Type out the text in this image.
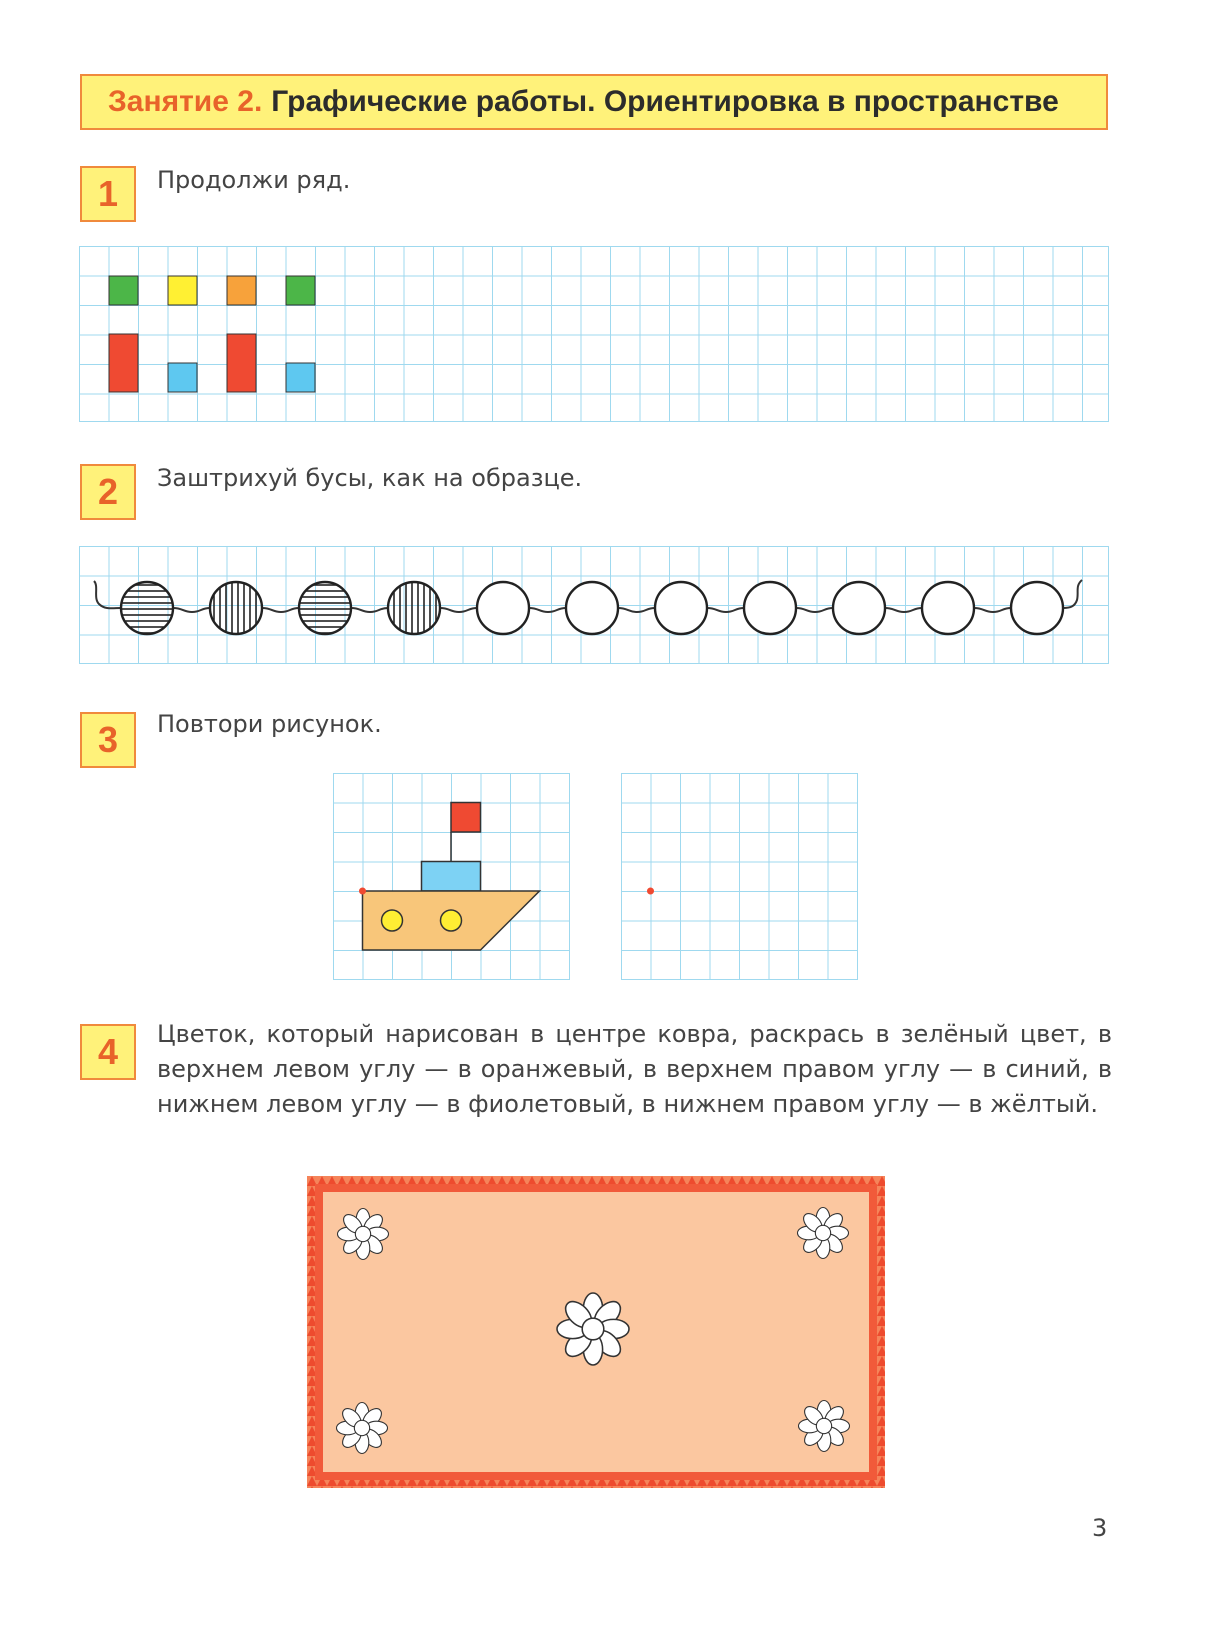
Занятие 2. Графические работы. Ориентировка в пространстве
1	Продолжи ряд.
2	Заштрихуй бусы, как на образце.
3	Повтори рисунок.
4	Цветок, который нарисован в центре ковра, раскрась в зелёный цвет, в верхнем левом углу — в оранжевый, в верхнем правом углу — в синий, в нижнем левом углу — в фиолетовый, в нижнем правом углу — в жёлтый.
3
